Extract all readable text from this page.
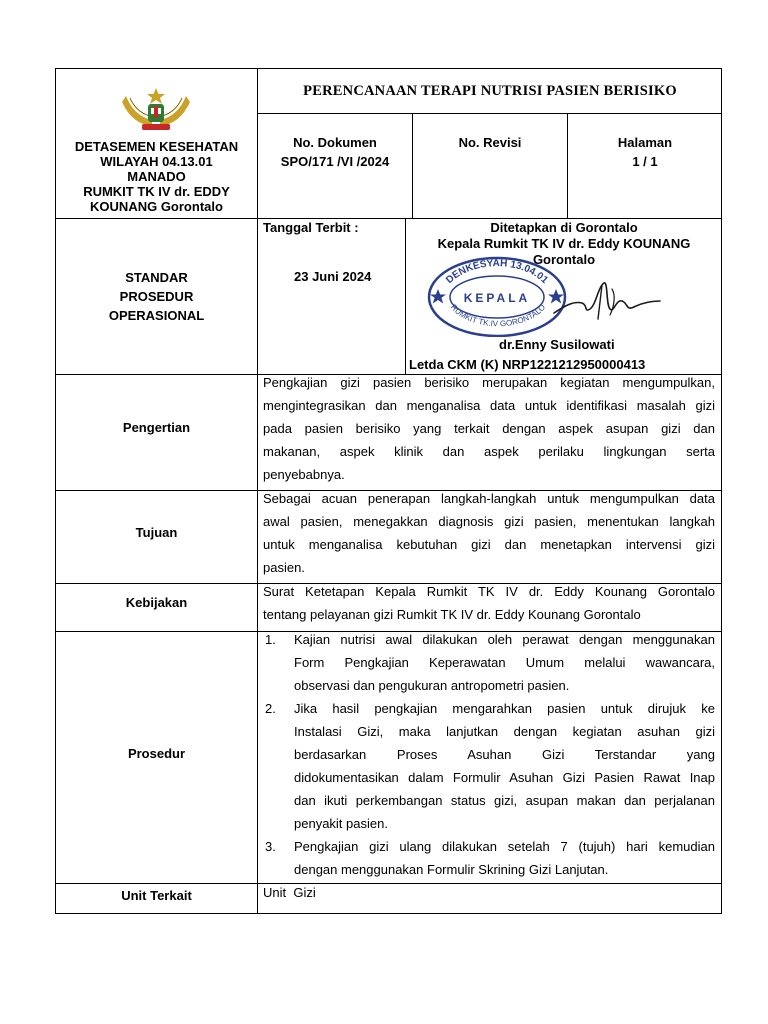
DETASEMEN KESEHATAN
WILAYAH 04.13.01
MANADO
RUMKIT TK IV dr. EDDY
KOUNANG Gorontalo
PERENCANAAN TERAPI NUTRISI PASIEN BERISIKO
No. Dokumen
SPO/171 /VI /2024
No. Revisi	Halaman
1 / 1
STANDAR
PROSEDUR
OPERASIONAL
Tanggal Terbit :
23 Juni 2024
Ditetapkan di Gorontalo
Kepala Rumkit TK IV dr. Eddy KOUNANG
Gorontalo
DENKESYAH 13.04.01
KEPALA
RUMKIT TK.IV GORONTALO
dr.Enny Susilowati
Letda CKM (K) NRP1221212950000413
Pengertian
Pengkajian gizi pasien berisiko merupakan kegiatan mengumpulkan,
mengintegrasikan dan menganalisa data untuk identifikasi masalah gizi
pada pasien berisiko yang terkait dengan aspek asupan gizi dan
makanan, aspek klinik dan aspek perilaku lingkungan serta
penyebabnya.
Tujuan
Sebagai acuan penerapan langkah-langkah untuk mengumpulkan data
awal pasien, menegakkan diagnosis gizi pasien, menentukan langkah
untuk menganalisa kebutuhan gizi dan menetapkan intervensi gizi
pasien.
Kebijakan
Surat Ketetapan Kepala Rumkit TK IV dr. Eddy Kounang Gorontalo
tentang pelayanan gizi Rumkit TK IV dr. Eddy Kounang Gorontalo
Prosedur
1. Kajian nutrisi awal dilakukan oleh perawat dengan menggunakan
Form Pengkajian Keperawatan Umum melalui wawancara,
observasi dan pengukuran antropometri pasien.
2. Jika hasil pengkajian mengarahkan pasien untuk dirujuk ke
Instalasi Gizi, maka lanjutkan dengan kegiatan asuhan gizi
berdasarkan Proses Asuhan Gizi Terstandar yang
didokumentasikan dalam Formulir Asuhan Gizi Pasien Rawat Inap
dan ikuti perkembangan status gizi, asupan makan dan perjalanan
penyakit pasien.
3. Pengkajian gizi ulang dilakukan setelah 7 (tujuh) hari kemudian
dengan menggunakan Formulir Skrining Gizi Lanjutan.
Unit Terkait	Unit  Gizi
